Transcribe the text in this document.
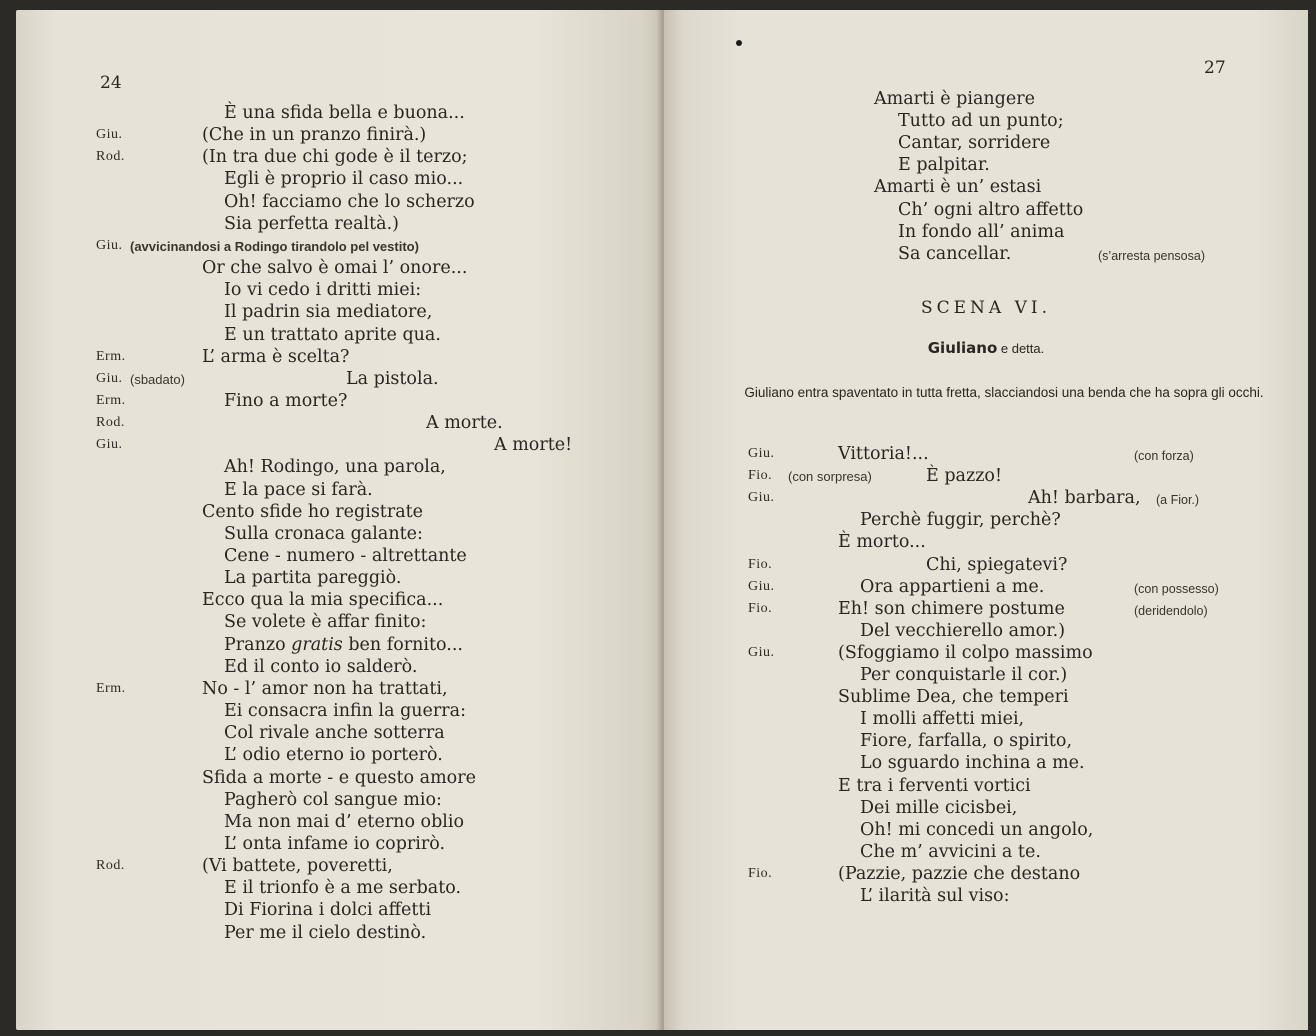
24
È una sfida bella e buona...
Giu.	(Che in un pranzo finirà.)
Rod.	(In tra due chi gode è il terzo;
Egli è proprio il caso mio...
Oh! facciamo che lo scherzo
Sia perfetta realtà.)
Giu. (avvicinandosi a Rodingo tirandolo pel vestito)
Or che salvo è omai l’ onore...
Io vi cedo i dritti miei:
Il padrin sia mediatore,
E un trattato aprite qua.
Erm.	L’ arma è scelta?
Giu. (sbadato)	La pistola.
Erm.	Fino a morte?
Rod.	A morte.
Giu.	A morte!
Ah! Rodingo, una parola,
E la pace si farà.
Cento sfide ho registrate
Sulla cronaca galante:
Cene - numero - altrettante
La partita pareggiò.
Ecco qua la mia specifica...
Se volete è affar finito:
Pranzo gratis ben fornito...
Ed il conto io salderò.
Erm.	No - l’ amor non ha trattati,
Ei consacra infin la guerra:
Col rivale anche sotterra
L’ odio eterno io porterò.
Sfida a morte - e questo amore
Pagherò col sangue mio:
Ma non mai d’ eterno oblio
L’ onta infame io coprirò.
Rod.	(Vi battete, poveretti,
E il trionfo è a me serbato.
Di Fiorina i dolci affetti
Per me il cielo destinò.
27
Amarti è piangere
Tutto ad un punto;
Cantar, sorridere
E palpitar.
Amarti è un’ estasi
Ch’ ogni altro affetto
In fondo all’ anima
Sa cancellar.	(s’arresta pensosa)
SCENA VI.
Giuliano e detta.
Giuliano entra spaventato in tutta fretta, slacciandosi una benda che ha sopra gli occhi.
Giu.	Vittoria!...	(con forza)
Fio. (con sorpresa)	È pazzo!
Giu.	Ah! barbara, (a Fior.)
Perchè fuggir, perchè?
È morto...
Fio.	Chi, spiegatevi?
Giu.	Ora appartieni a me.	(con possesso)
Fio.	Eh! son chimere postume	(deridendolo)
Del vecchierello amor.)
Giu.	(Sfoggiamo il colpo massimo
Per conquistarle il cor.)
Sublime Dea, che temperi
I molli affetti miei,
Fiore, farfalla, o spirito,
Lo sguardo inchina a me.
E tra i ferventi vortici
Dei mille cicisbei,
Oh! mi concedi un angolo,
Che m’ avvicini a te.
Fio.	(Pazzie, pazzie che destano
L’ ilarità sul viso:
